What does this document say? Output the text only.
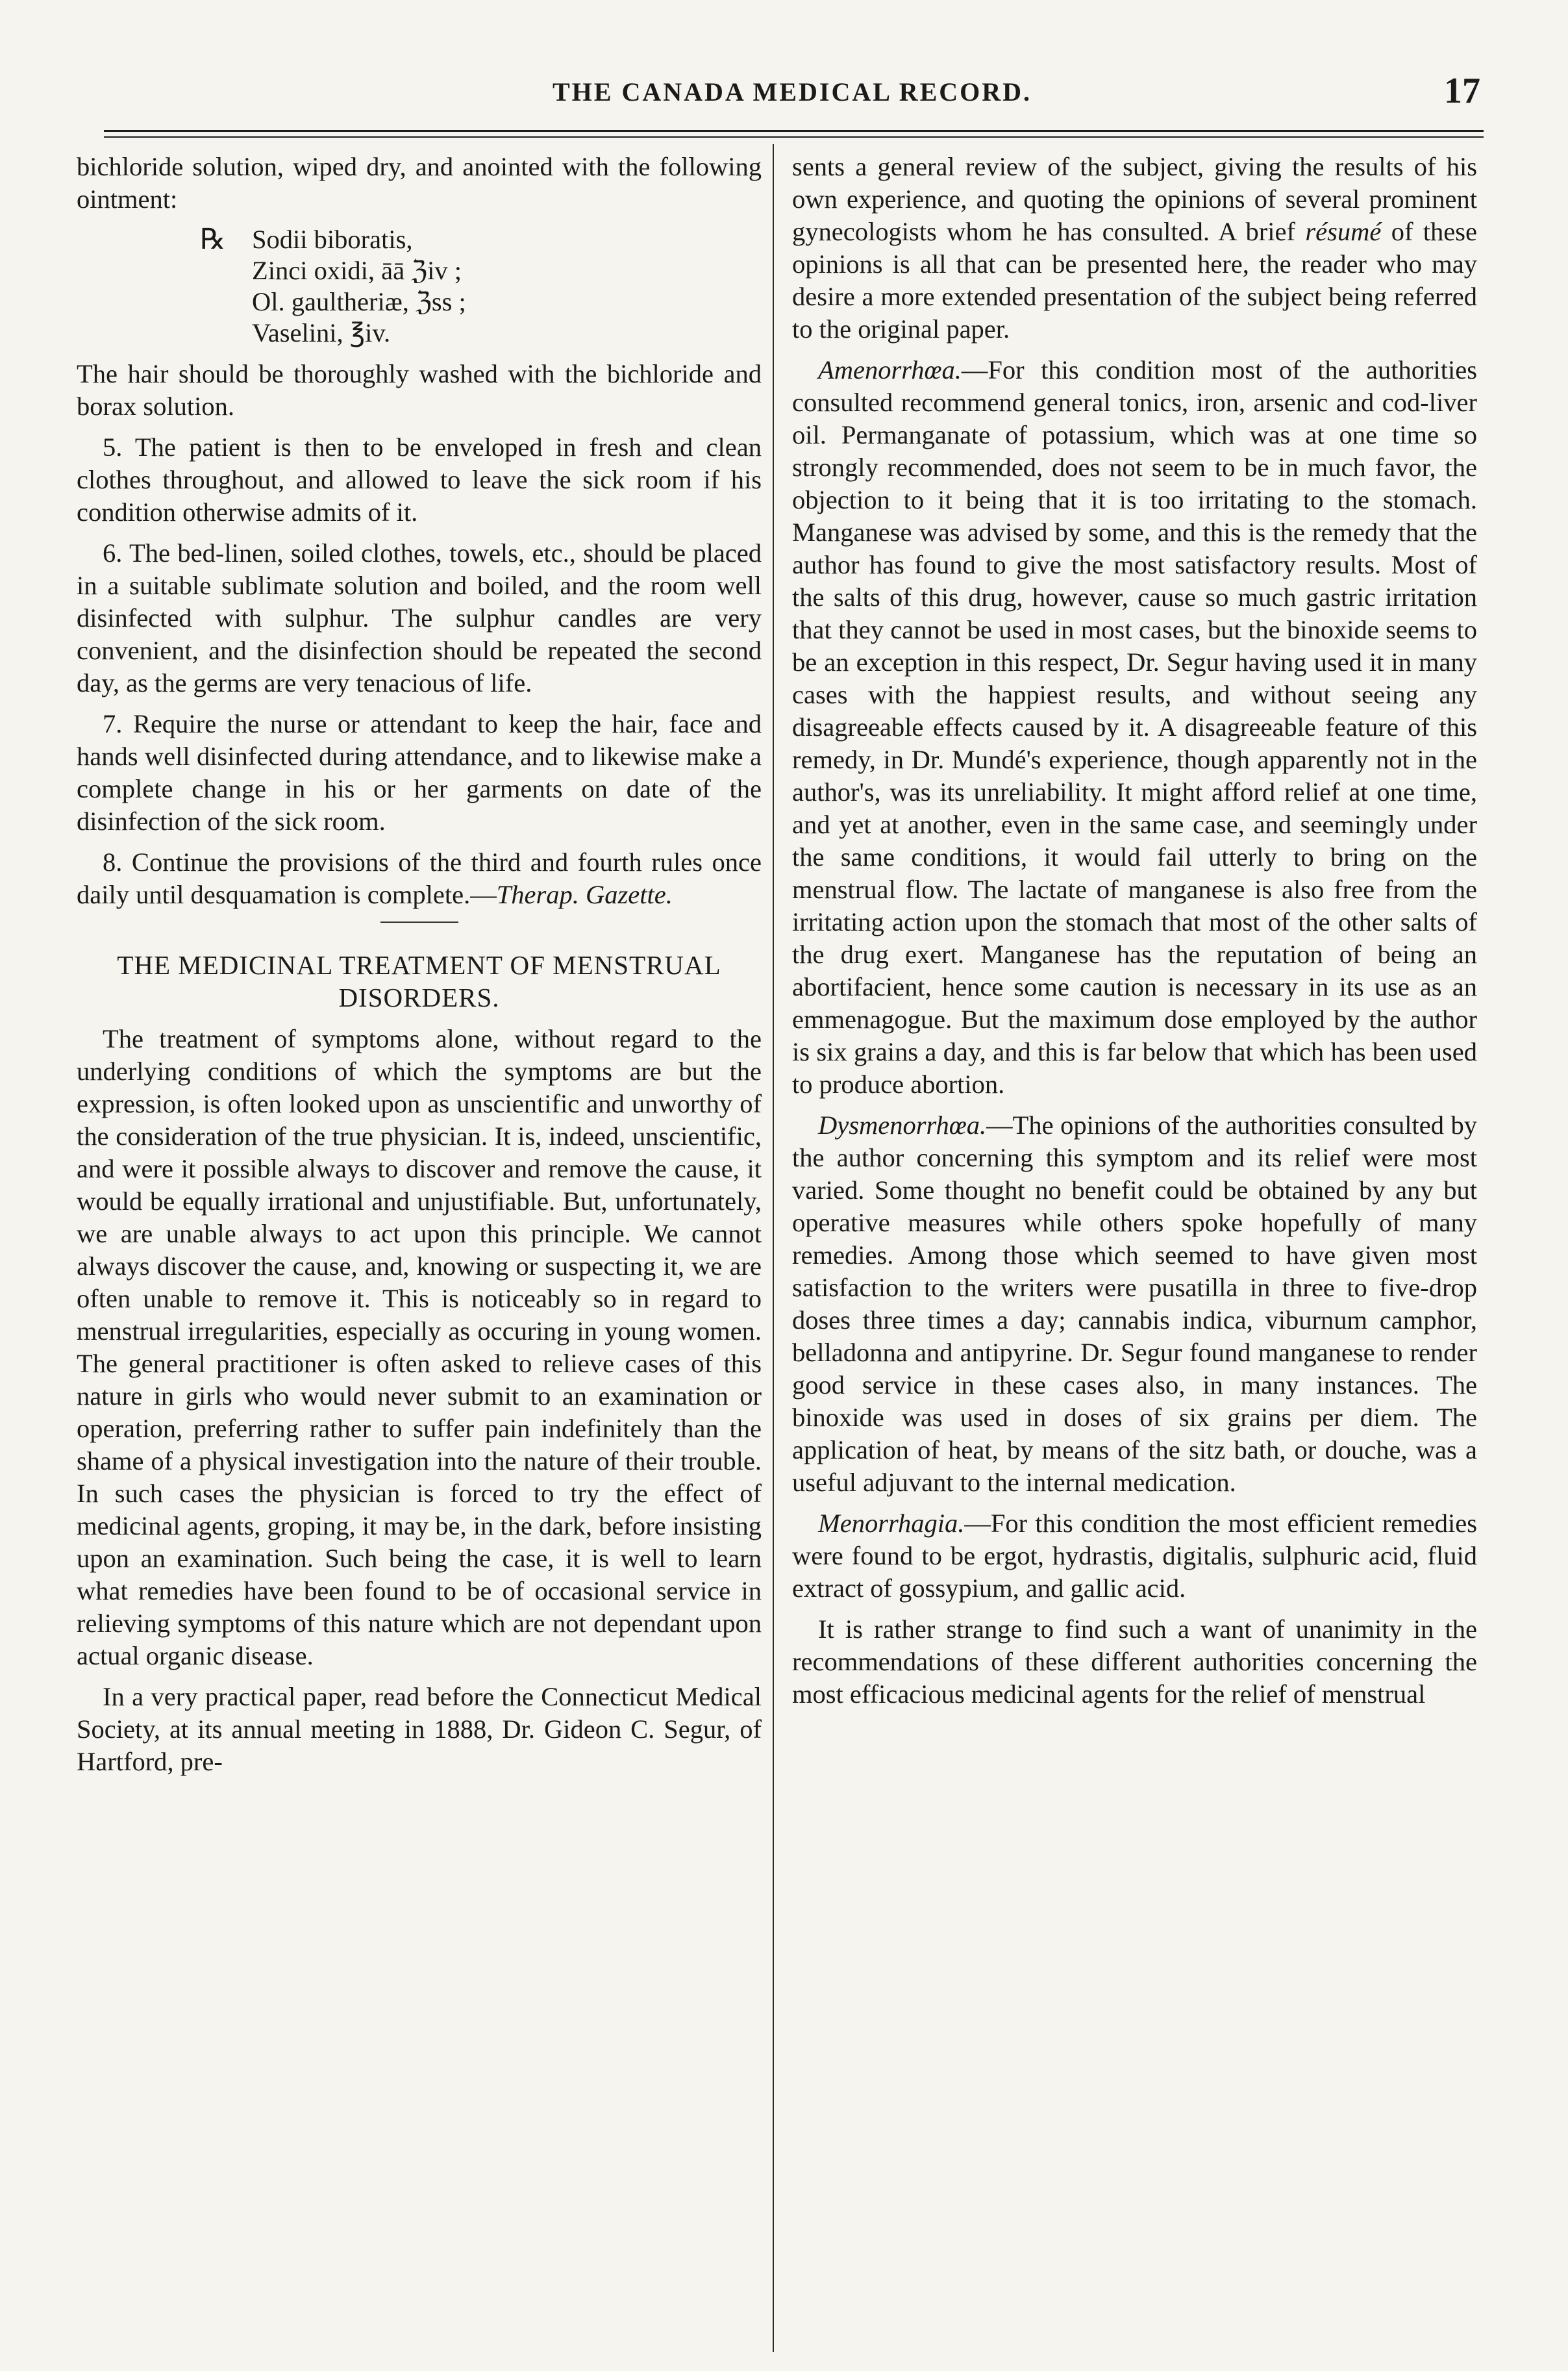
THE CANADA MEDICAL RECORD.	17

bichloride solution, wiped dry, and anointed with the following ointment:

℞	Sodii biboratis,
Zinci oxidi, āā ℨiv ;
Ol. gaultheriæ, ℨss ;
Vaselini, ℥iv.

The hair should be thoroughly washed with the bichloride and borax solution.

5. The patient is then to be enveloped in fresh and clean clothes throughout, and allowed to leave the sick room if his condition otherwise admits of it.

6. The bed-linen, soiled clothes, towels, etc., should be placed in a suitable sublimate solution and boiled, and the room well disinfected with sulphur. The sulphur candles are very convenient, and the disinfection should be repeated the second day, as the germs are very tenacious of life.

7. Require the nurse or attendant to keep the hair, face and hands well disinfected during attendance, and to likewise make a complete change in his or her garments on date of the disinfection of the sick room.

8. Continue the provisions of the third and fourth rules once daily until desquamation is complete.—Therap. Gazette.

THE MEDICINAL TREATMENT OF MENSTRUAL DISORDERS.

The treatment of symptoms alone, without regard to the underlying conditions of which the symptoms are but the expression, is often looked upon as unscientific and unworthy of the consideration of the true physician. It is, indeed, unscientific, and were it possible always to discover and remove the cause, it would be equally irrational and unjustifiable. But, unfortunately, we are unable always to act upon this principle. We cannot always discover the cause, and, knowing or suspecting it, we are often unable to remove it. This is noticeably so in regard to menstrual irregularities, especially as occuring in young women. The general practitioner is often asked to relieve cases of this nature in girls who would never submit to an examination or operation, preferring rather to suffer pain indefinitely than the shame of a physical investigation into the nature of their trouble. In such cases the physician is forced to try the effect of medicinal agents, groping, it may be, in the dark, before insisting upon an examination. Such being the case, it is well to learn what remedies have been found to be of occasional service in relieving symptoms of this nature which are not dependant upon actual organic disease.

In a very practical paper, read before the Connecticut Medical Society, at its annual meeting in 1888, Dr. Gideon C. Segur, of Hartford, pre-

sents a general review of the subject, giving the results of his own experience, and quoting the opinions of several prominent gynecologists whom he has consulted. A brief résumé of these opinions is all that can be presented here, the reader who may desire a more extended presentation of the subject being referred to the original paper.

Amenorrhœa.—For this condition most of the authorities consulted recommend general tonics, iron, arsenic and cod-liver oil. Permanganate of potassium, which was at one time so strongly recommended, does not seem to be in much favor, the objection to it being that it is too irritating to the stomach. Manganese was advised by some, and this is the remedy that the author has found to give the most satisfactory results. Most of the salts of this drug, however, cause so much gastric irritation that they cannot be used in most cases, but the binoxide seems to be an exception in this respect, Dr. Segur having used it in many cases with the happiest results, and without seeing any disagreeable effects caused by it. A disagreeable feature of this remedy, in Dr. Mundé's experience, though apparently not in the author's, was its unreliability. It might afford relief at one time, and yet at another, even in the same case, and seemingly under the same conditions, it would fail utterly to bring on the menstrual flow. The lactate of manganese is also free from the irritating action upon the stomach that most of the other salts of the drug exert. Manganese has the reputation of being an abortifacient, hence some caution is necessary in its use as an emmenagogue. But the maximum dose employed by the author is six grains a day, and this is far below that which has been used to produce abortion.

Dysmenorrhœa.—The opinions of the authorities consulted by the author concerning this symptom and its relief were most varied. Some thought no benefit could be obtained by any but operative measures while others spoke hopefully of many remedies. Among those which seemed to have given most satisfaction to the writers were pusatilla in three to five-drop doses three times a day; cannabis indica, viburnum camphor, belladonna and antipyrine. Dr. Segur found manganese to render good service in these cases also, in many instances. The binoxide was used in doses of six grains per diem. The application of heat, by means of the sitz bath, or douche, was a useful adjuvant to the internal medication.

Menorrhagia.—For this condition the most efficient remedies were found to be ergot, hydrastis, digitalis, sulphuric acid, fluid extract of gossypium, and gallic acid.

It is rather strange to find such a want of unanimity in the recommendations of these different authorities concerning the most efficacious medicinal agents for the relief of menstrual
